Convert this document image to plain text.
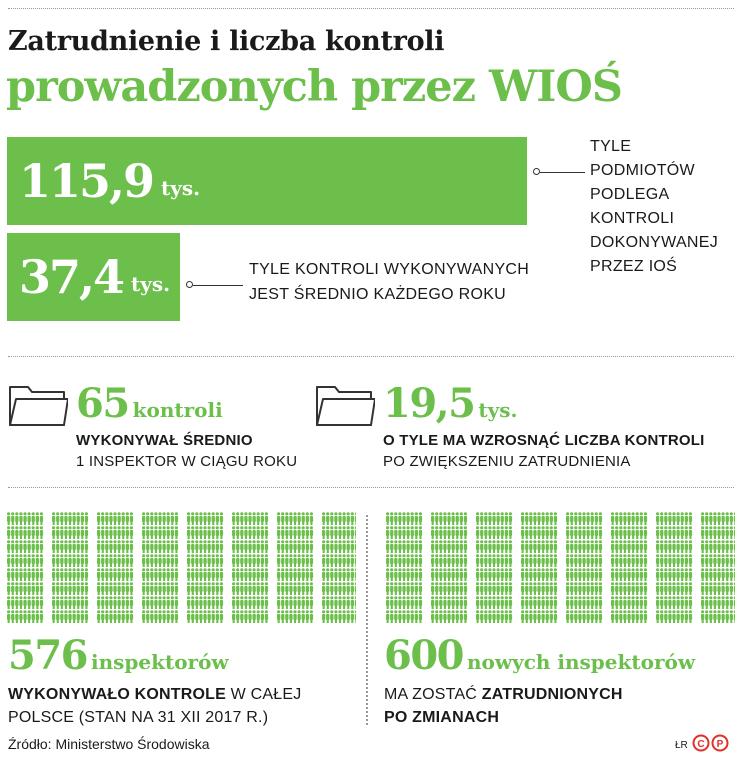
Zatrudnienie i liczba kontroli
prowadzonych przez WIOŚ
115,9 tys.
TYLE
PODMIOTÓW
PODLEGA
KONTROLI
DOKONYWANEJ
PRZEZ IOŚ
37,4 tys.
TYLE KONTROLI WYKONYWANYCH
JEST ŚREDNIO KAŻDEGO ROKU
65 kontroli
WYKONYWAŁ ŚREDNIO
1 INSPEKTOR W CIĄGU ROKU
19,5 tys.
O TYLE MA WZROSNĄĆ LICZBA KONTROLI
PO ZWIĘKSZENIU ZATRUDNIENIA
576 inspektorów
WYKONYWAŁO KONTROLE W CAŁEJ
POLSCE (STAN NA 31 XII 2017 R.)
600 nowych inspektorów
MA ZOSTAĆ ZATRUDNIONYCH
PO ZMIANACH
Źródło: Ministerstwo Środowiska	ŁR C P
